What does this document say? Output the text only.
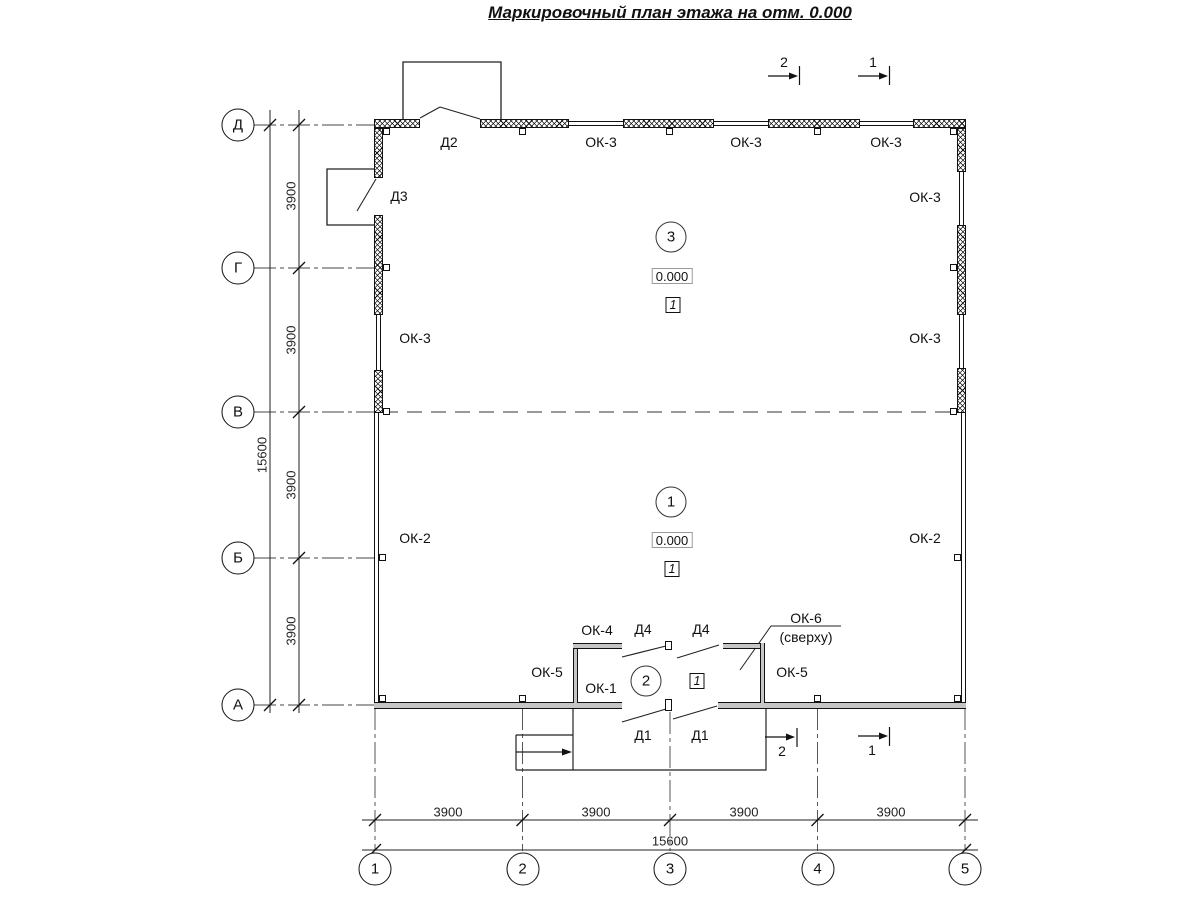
Маркировочный план этажа на отм. 0.000
Д
Г
В
Б
А
1	2	3	4	5
3900
3900
3900
3900
15600
3900	3900	3900	3900
15600
ОК-3	ОК-3	ОК-3
ОК-3
ОК-3	ОК-3
ОК-2	ОК-2
ОК-4
ОК-5	ОК-5
ОК-1
ОК-6
(сверху)
Д2
Д3
Д4	Д4
Д1	Д1
3
0.000
1
1
0.000
1
2	1
2	1
2	1
